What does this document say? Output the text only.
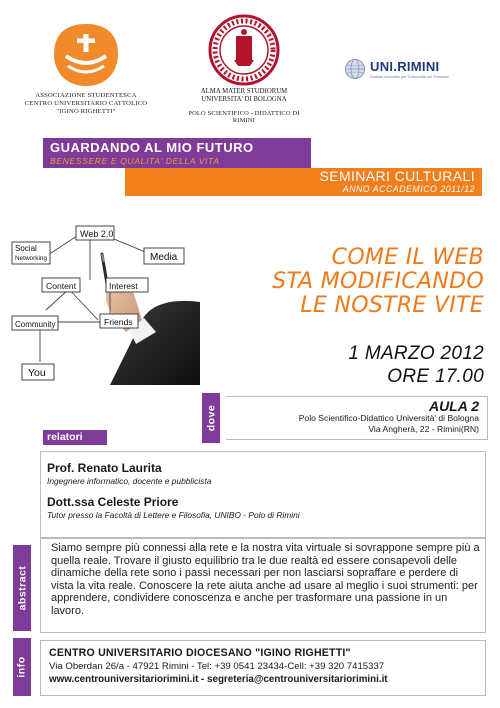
ASSOCIAZIONE STUDENTESCA
CENTRO UNIVERSITARIO CATTOLICO
"IGINO RIGHETTI"
ALMA MATER STUDIORUM
UNIVERSITA' DI BOLOGNA
POLO SCIENTIFICO - DIDATTICO DI RIMINI
UNI.RIMINI
Società consortile per l'Università nel Riminese
GUARDANDO AL MIO FUTURO
BENESSERE E QUALITA' DELLA VITA
SEMINARI CULTURALI
ANNO ACCADEMICO 2011/12
Social
Networking
Web 2.0
Media
Content	Interest
Community	Friends
You
COME IL WEB
STA MODIFICANDO
LE NOSTRE VITE
1 MARZO 2012
ORE 17.00
dove	AULA 2
Polo Scientifico-Didattico Università' di Bologna
Via Angherà, 22 - Rimini(RN)
relatori
Prof. Renato Laurita
Ingegnere informatico, docente e pubblicista
Dott.ssa Celeste Priore
Tutor presso la Facoltà di Lettere e Filosofia, UNIBO - Polo di Rimini
abstract
Siamo sempre più connessi alla rete e la nostra vita virtuale si sovrappone sempre più a quella reale. Trovare il giusto equilibrio tra le due realtà ed essere consapevoli delle dinamiche della rete sono i passi necessari per non lasciarsi sopraffare e perdere di vista la vita reale. Conoscere la rete aiuta anche ad usare al meglio i suoi strumenti: per apprendere, condividere conoscenza e anche per trasformare una passione in un lavoro.
info
CENTRO UNIVERSITARIO DIOCESANO "IGINO RIGHETTI"
Via Oberdan 26/a - 47921 Rimini - Tel: +39 0541 23434-Cell: +39 320 7415337
www.centrouniversitariorimini.it - segreteria@centrouniversitariorimini.it
